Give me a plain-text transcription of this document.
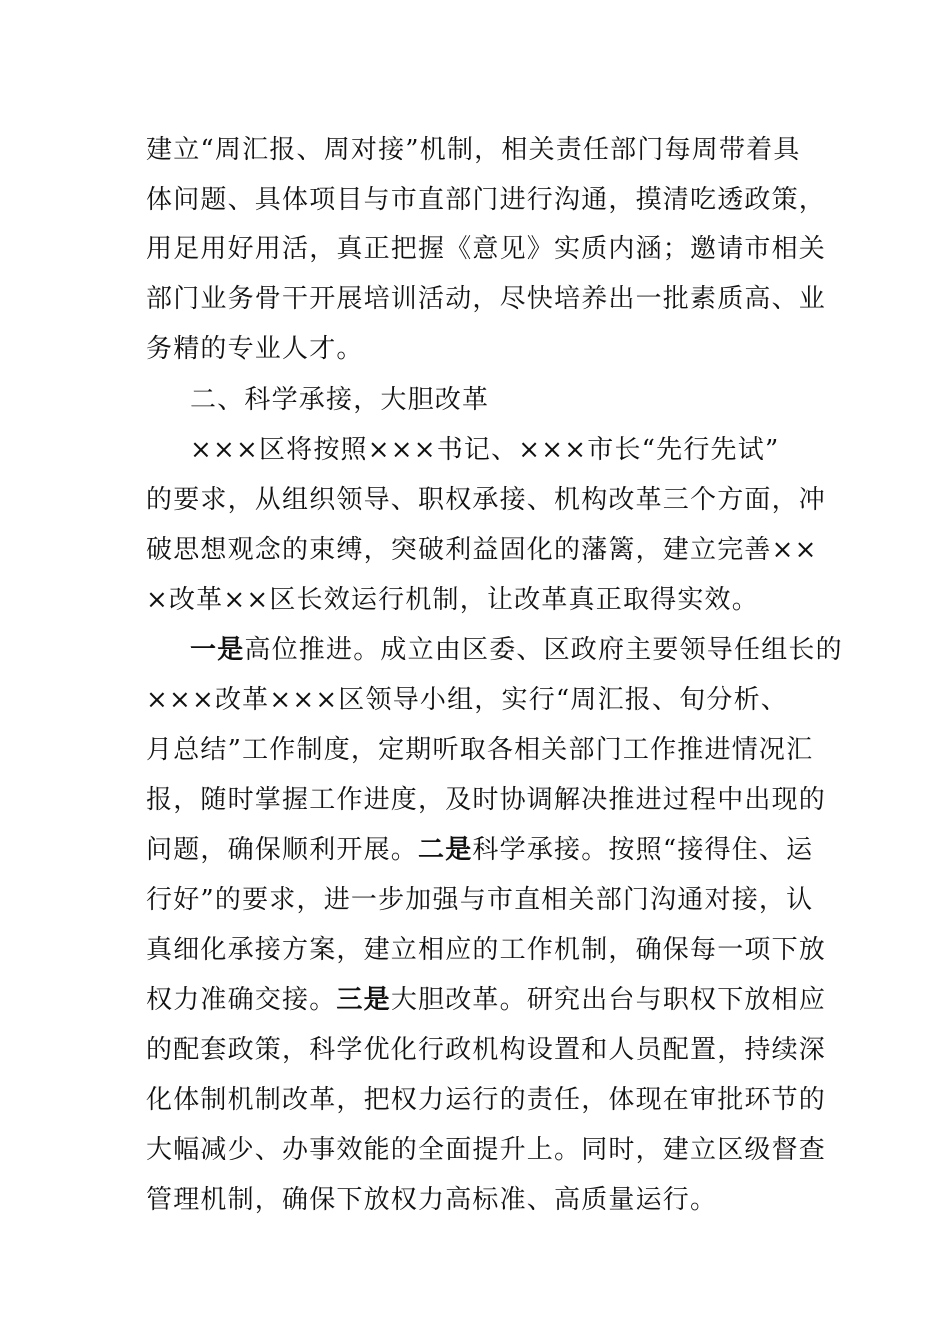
建立“周汇报、周对接”机制，相关责任部门每周带着具
体问题、具体项目与市直部门进行沟通，摸清吃透政策，
用足用好用活，真正把握《意见》实质内涵；邀请市相关
部门业务骨干开展培训活动，尽快培养出一批素质高、业
务精的专业人才。
二、科学承接，大胆改革
×××区将按照×××书记、×××市长“先行先试”
的要求，从组织领导、职权承接、机构改革三个方面，冲
破思想观念的束缚，突破利益固化的藩篱，建立完善××
×改革××区长效运行机制，让改革真正取得实效。
一是高位推进。成立由区委、区政府主要领导任组长的
×××改革×××区领导小组，实行“周汇报、旬分析、
月总结”工作制度，定期听取各相关部门工作推进情况汇
报，随时掌握工作进度，及时协调解决推进过程中出现的
问题，确保顺利开展。二是科学承接。按照“接得住、运
行好”的要求，进一步加强与市直相关部门沟通对接，认
真细化承接方案，建立相应的工作机制，确保每一项下放
权力准确交接。三是大胆改革。研究出台与职权下放相应
的配套政策，科学优化行政机构设置和人员配置，持续深
化体制机制改革，把权力运行的责任，体现在审批环节的
大幅减少、办事效能的全面提升上。同时，建立区级督查
管理机制，确保下放权力高标准、高质量运行。
